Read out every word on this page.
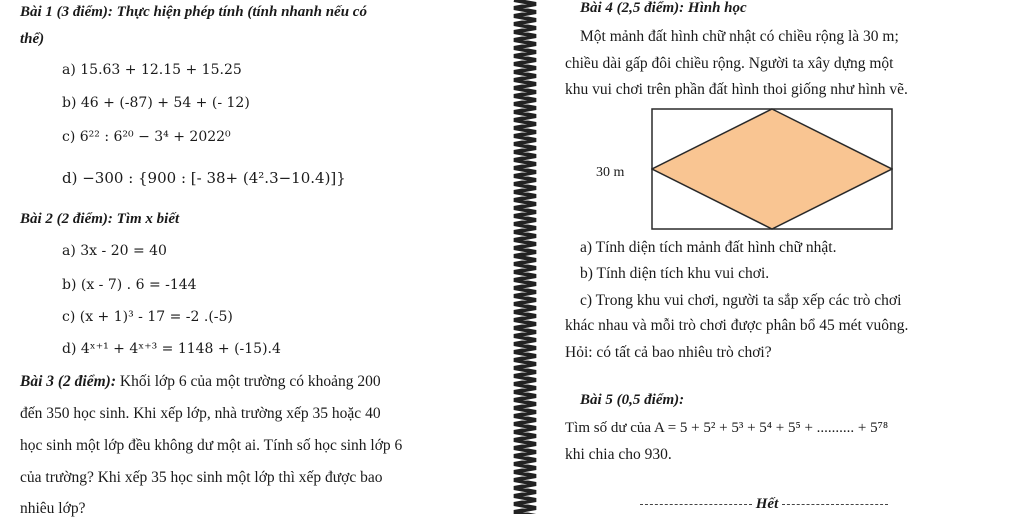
Bài 1 (3 điểm): Thực hiện phép tính (tính nhanh nếu có
thể)
a) 15.63 + 12.15 + 15.25
b) 46 + (-87) + 54 + (- 12)
c) 6²² : 6²⁰ − 3⁴ + 2022⁰
d) −300 : {900 : [- 38+ (4².3−10.4)]}
Bài 2 (2 điểm): Tìm x biết
a) 3x - 20 = 40
b) (x - 7) . 6 = -144
c) (x + 1)³ - 17 = -2 .(-5)
d) 4ˣ⁺¹ + 4ˣ⁺³ = 1148 + (-15).4
Bài 3 (2 điểm): Khối lớp 6 của một trường có khoảng 200
đến 350 học sinh. Khi xếp lớp, nhà trường xếp 35 hoặc 40
học sinh một lớp đều không dư một ai. Tính số học sinh lớp 6
của trường? Khi xếp 35 học sinh một lớp thì xếp được bao
nhiêu lớp?
Bài 4 (2,5 điểm): Hình học
Một mảnh đất hình chữ nhật có chiều rộng là 30 m;
chiều dài gấp đôi chiều rộng. Người ta xây dựng một
khu vui chơi trên phần đất hình thoi giống như hình vẽ.
30 m
a) Tính diện tích mảnh đất hình chữ nhật.
b) Tính diện tích khu vui chơi.
c) Trong khu vui chơi, người ta sắp xếp các trò chơi
khác nhau và mỗi trò chơi được phân bổ 45 mét vuông.
Hỏi: có tất cả bao nhiêu trò chơi?
Bài 5 (0,5 điểm):
Tìm số dư của A = 5 + 5² + 5³ + 5⁴ + 5⁵ + .......... + 5⁷⁸
khi chia cho 930.
Hết
